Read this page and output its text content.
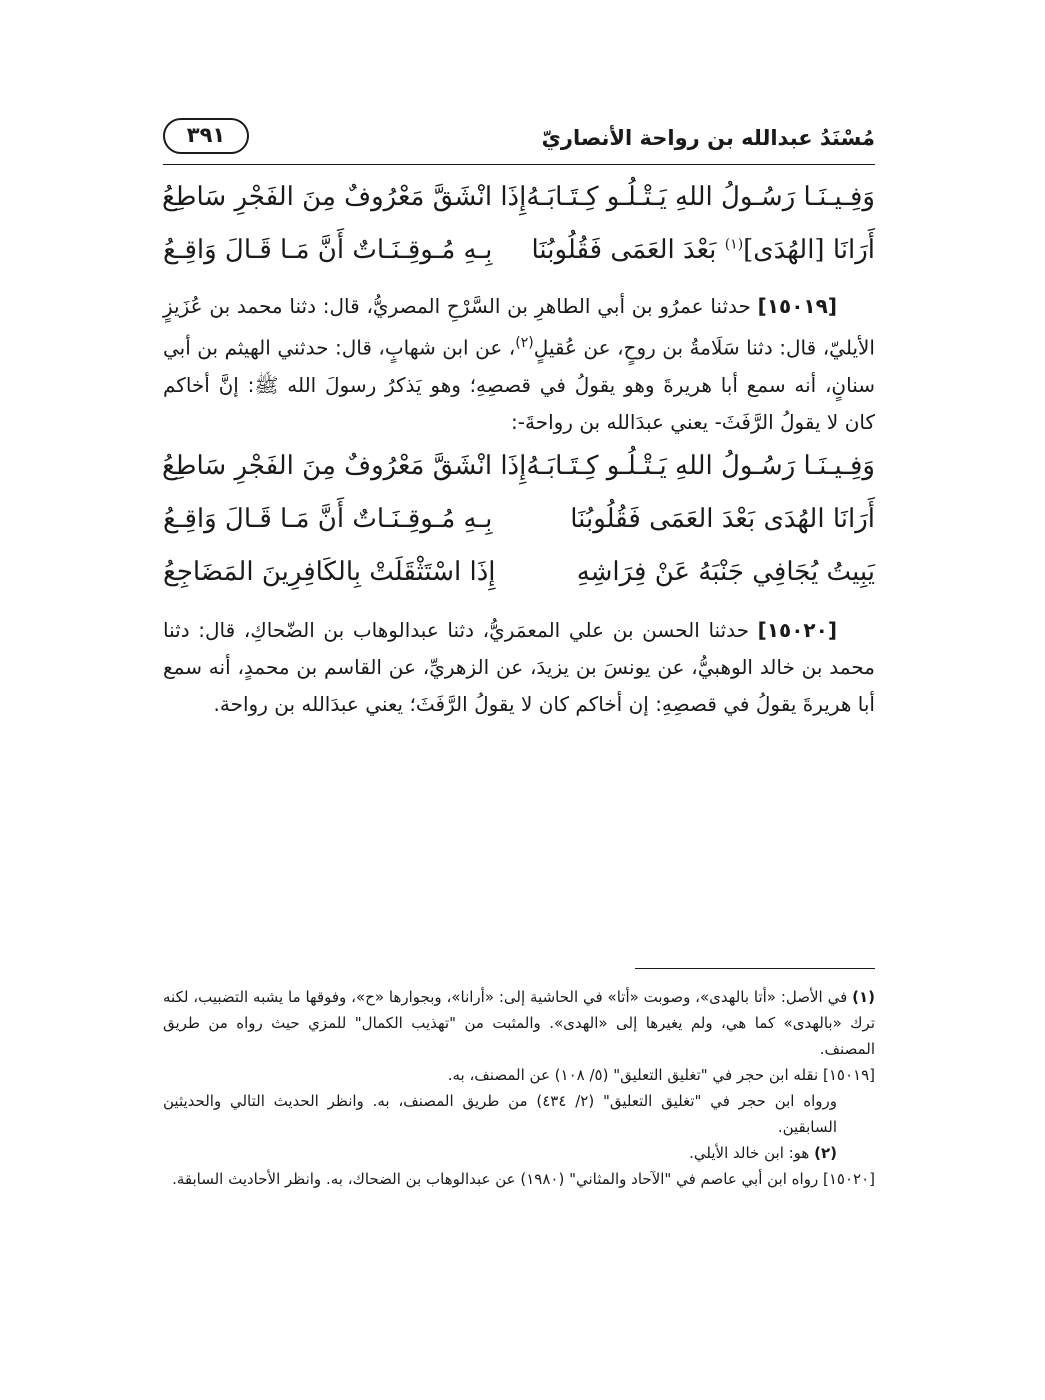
مُسْنَدُ عبدالله بن رواحة الأنصاريّ
٣٩١
وَفِـيـنَـا رَسُـولُ اللهِ يَـتْـلُـو كِـتَـابَـهُ
إِذَا انْشَقَّ مَعْرُوفٌ مِنَ الفَجْرِ سَاطِعُ
أَرَانَا [الهُدَى]$^{(١)}$ بَعْدَ العَمَى فَقُلُوبُنَا
بِـهِ مُـوقِـنَـاتٌ أَنَّ مَـا قَـالَ وَاقِـعُ

[١٥٠١٩] حدثنا عمرُو بن أبي الطاهرِ بن السَّرْحِ المصريُّ، قال: دثنا محمد بن عُزَيزٍ الأيليّ، قال: دثنا سَلَامةُ بن روحٍ، عن عُقيلٍ$^{(٢)}$، عن ابن شهابٍ، قال: حدثني الهيثم بن أبي سنانٍ، أنه سمع أبا هريرةَ وهو يقولُ في قصصِهِ؛ وهو يَذكرُ رسولَ الله ﷺ: إنَّ أخاكم كان لا يقولُ الرَّفَثَ- يعني عبدَالله بن رواحةَ-:

وَفِـيـنَـا رَسُـولُ اللهِ يَـتْـلُـو كِـتَـابَـهُ
إِذَا انْشَقَّ مَعْرُوفٌ مِنَ الفَجْرِ سَاطِعُ
أَرَانَا الهُدَى بَعْدَ العَمَى فَقُلُوبُنَا
بِـهِ مُـوقِـنَـاتٌ أَنَّ مَـا قَـالَ وَاقِـعُ
يَبِيتُ يُجَافِي جَنْبَهُ عَنْ فِرَاشِهِ
إِذَا اسْتَثْقَلَتْ بِالكَافِرِينَ المَضَاجِعُ

[١٥٠٢٠] حدثنا الحسن بن علي المعمَريُّ، دثنا عبدالوهاب بن الضّحاكِ، قال: دثنا محمد بن خالد الوهبيُّ، عن يونسَ بن يزيدَ، عن الزهريِّ، عن القاسم بن محمدٍ، أنه سمع أبا هريرةَ يقولُ في قصصِهِ: إن أخاكم كان لا يقولُ الرَّفَثَ؛ يعني عبدَالله بن رواحة.

(١) في الأصل: «أتا بالهدى»، وصوبت «أتا» في الحاشية إلى: «أرانا»، وبجوارها «ح»، وفوقها ما يشبه التضبيب، لكنه ترك «بالهدى» كما هي، ولم يغيرها إلى «الهدى». والمثبت من "تهذيب الكمال" للمزي حيث رواه من طريق المصنف.

[١٥٠١٩] نقله ابن حجر في "تغليق التعليق" (٥/ ١٠٨) عن المصنف، به.

ورواه ابن حجر في "تغليق التعليق" (٢/ ٤٣٤) من طريق المصنف، به. وانظر الحديث التالي والحديثين السابقين.

(٢) هو: ابن خالد الأيلي.

[١٥٠٢٠] رواه ابن أبي عاصم في "الآحاد والمثاني" (١٩٨٠) عن عبدالوهاب بن الضحاك، به. وانظر الأحاديث السابقة.
